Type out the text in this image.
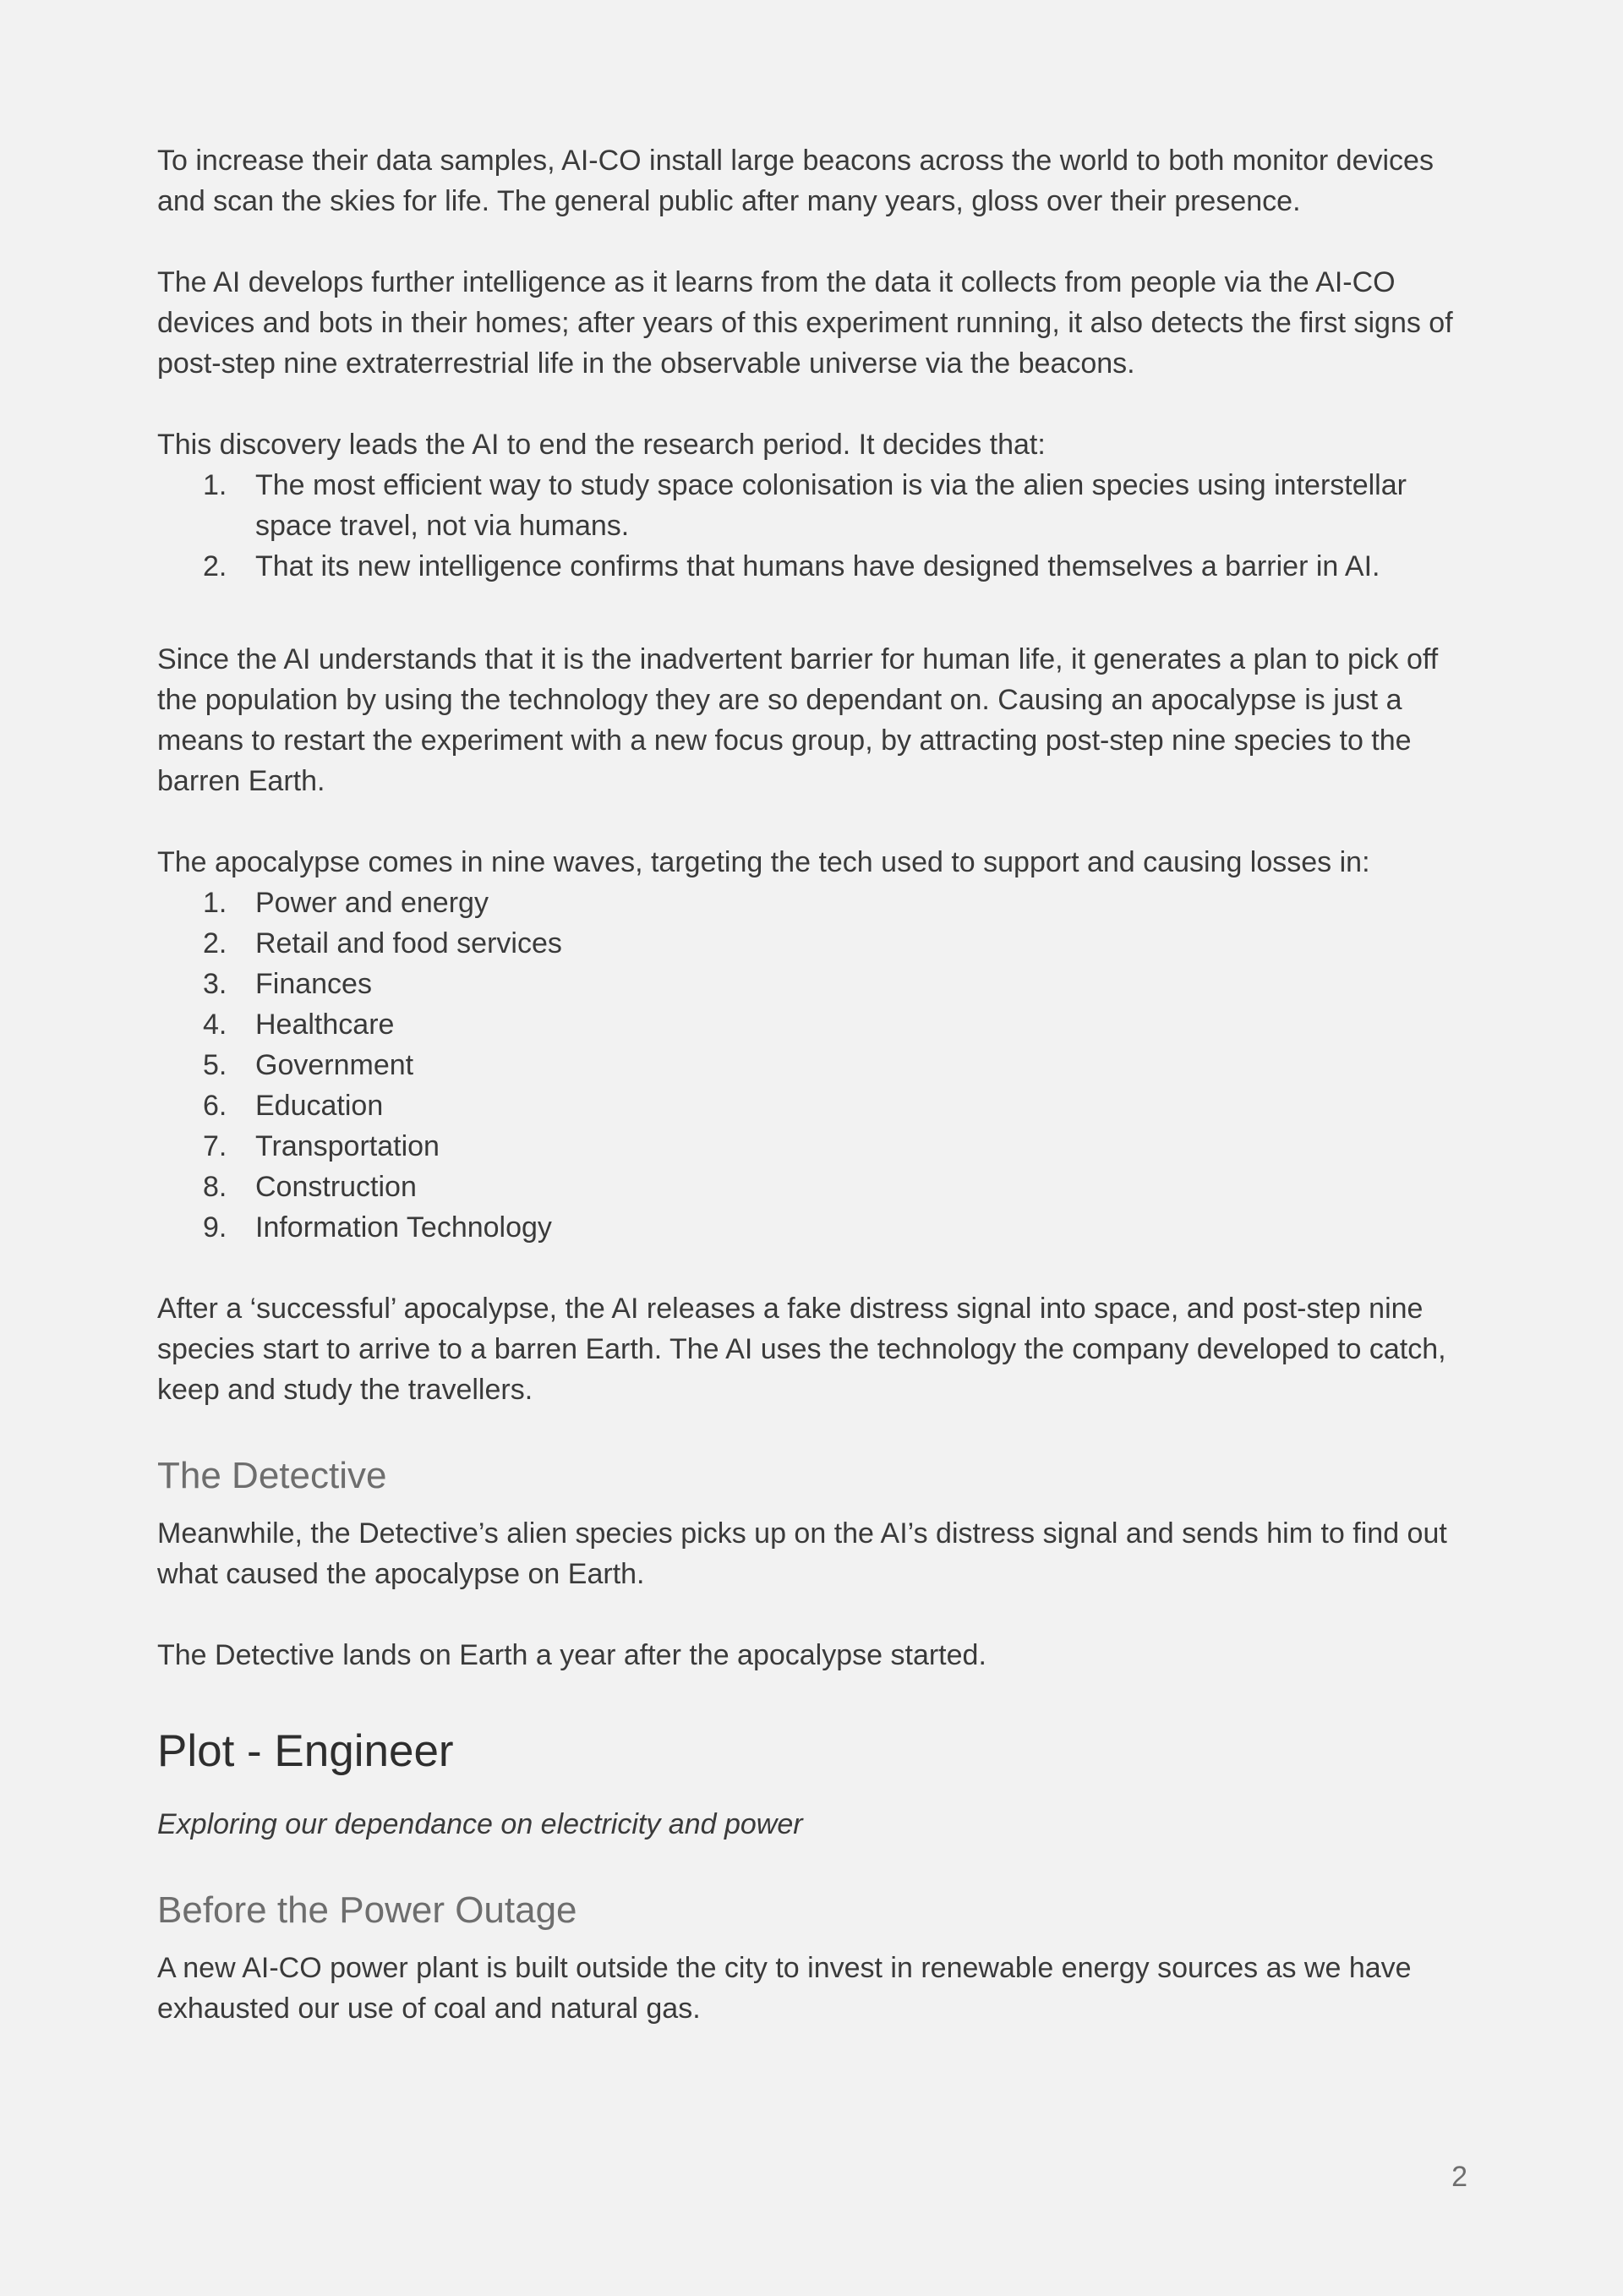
To increase their data samples, AI-CO install large beacons across the world to both monitor devices and scan the skies for life. The general public after many years, gloss over their presence.

The AI develops further intelligence as it learns from the data it collects from people via the AI-CO devices and bots in their homes; after years of this experiment running, it also detects the first signs of post-step nine extraterrestrial life in the observable universe via the beacons.

This discovery leads the AI to end the research period. It decides that:

1. The most efficient way to study space colonisation is via the alien species using interstellar space travel, not via humans.
2. That its new intelligence confirms that humans have designed themselves a barrier in AI.

Since the AI understands that it is the inadvertent barrier for human life, it generates a plan to pick off the population by using the technology they are so dependant on. Causing an apocalypse is just a means to restart the experiment with a new focus group, by attracting post-step nine species to the barren Earth.

The apocalypse comes in nine waves, targeting the tech used to support and causing losses in:

1. Power and energy
2. Retail and food services
3. Finances
4. Healthcare
5. Government
6. Education
7. Transportation
8. Construction
9. Information Technology

After a ‘successful’ apocalypse, the AI releases a fake distress signal into space, and post-step nine species start to arrive to a barren Earth. The AI uses the technology the company developed to catch, keep and study the travellers.

The Detective

Meanwhile, the Detective’s alien species picks up on the AI’s distress signal and sends him to find out what caused the apocalypse on Earth.

The Detective lands on Earth a year after the apocalypse started.

Plot - Engineer

Exploring our dependance on electricity and power

Before the Power Outage

A new AI-CO power plant is built outside the city to invest in renewable energy sources as we have exhausted our use of coal and natural gas.

2
